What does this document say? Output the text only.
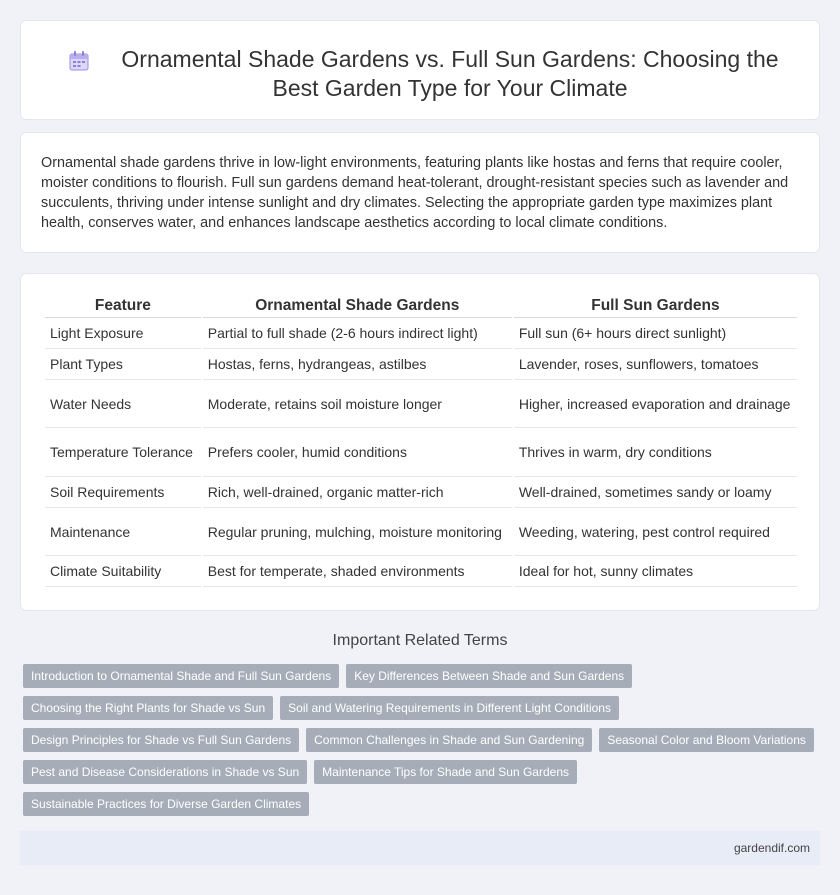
Ornamental Shade Gardens vs. Full Sun Gardens: Choosing the Best Garden Type for Your Climate

Ornamental shade gardens thrive in low-light environments, featuring plants like hostas and ferns that require cooler, moister conditions to flourish. Full sun gardens demand heat-tolerant, drought-resistant species such as lavender and succulents, thriving under intense sunlight and dry climates. Selecting the appropriate garden type maximizes plant health, conserves water, and enhances landscape aesthetics according to local climate conditions.

Feature	Ornamental Shade Gardens	Full Sun Gardens
Light Exposure	Partial to full shade (2-6 hours indirect light)	Full sun (6+ hours direct sunlight)
Plant Types	Hostas, ferns, hydrangeas, astilbes	Lavender, roses, sunflowers, tomatoes
Water Needs	Moderate, retains soil moisture longer	Higher, increased evaporation and drainage
Temperature Tolerance	Prefers cooler, humid conditions	Thrives in warm, dry conditions
Soil Requirements	Rich, well-drained, organic matter-rich	Well-drained, sometimes sandy or loamy
Maintenance	Regular pruning, mulching, moisture monitoring	Weeding, watering, pest control required
Climate Suitability	Best for temperate, shaded environments	Ideal for hot, sunny climates
Important Related Terms
Introduction to Ornamental Shade and Full Sun Gardens	Key Differences Between Shade and Sun Gardens
Choosing the Right Plants for Shade vs Sun	Soil and Watering Requirements in Different Light Conditions
Design Principles for Shade vs Full Sun Gardens	Common Challenges in Shade and Sun Gardening	Seasonal Color and Bloom Variations
Pest and Disease Considerations in Shade vs Sun	Maintenance Tips for Shade and Sun Gardens
Sustainable Practices for Diverse Garden Climates
gardendif.com
